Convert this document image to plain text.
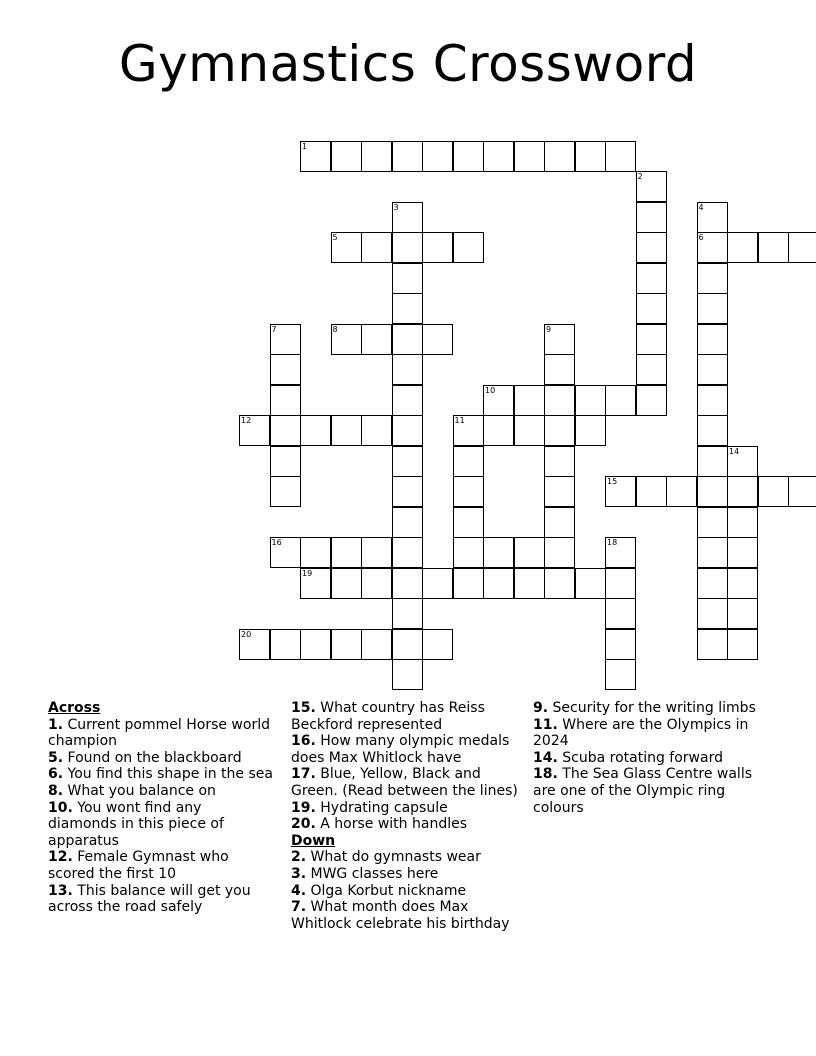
Gymnastics Crossword
1
2
3
5
4
6
7	8	9
10
11
12
14
15
16	18
19
20
Across
1. Current pommel Horse world champion
5. Found on the blackboard
6. You find this shape in the sea
8. What you balance on
10. You wont find any diamonds in this piece of apparatus
12. Female Gymnast who scored the first 10
13. This balance will get you across the road safely
15. What country has Reiss Beckford represented
16. How many olympic medals does Max Whitlock have
17. Blue, Yellow, Black and Green. (Read between the lines)
19. Hydrating capsule
20. A horse with handles
Down
2. What do gymnasts wear
3. MWG classes here
4. Olga Korbut nickname
7. What month does Max Whitlock celebrate his birthday
9. Security for the writing limbs
11. Where are the Olympics in 2024
14. Scuba rotating forward
18. The Sea Glass Centre walls are one of the Olympic ring colours
